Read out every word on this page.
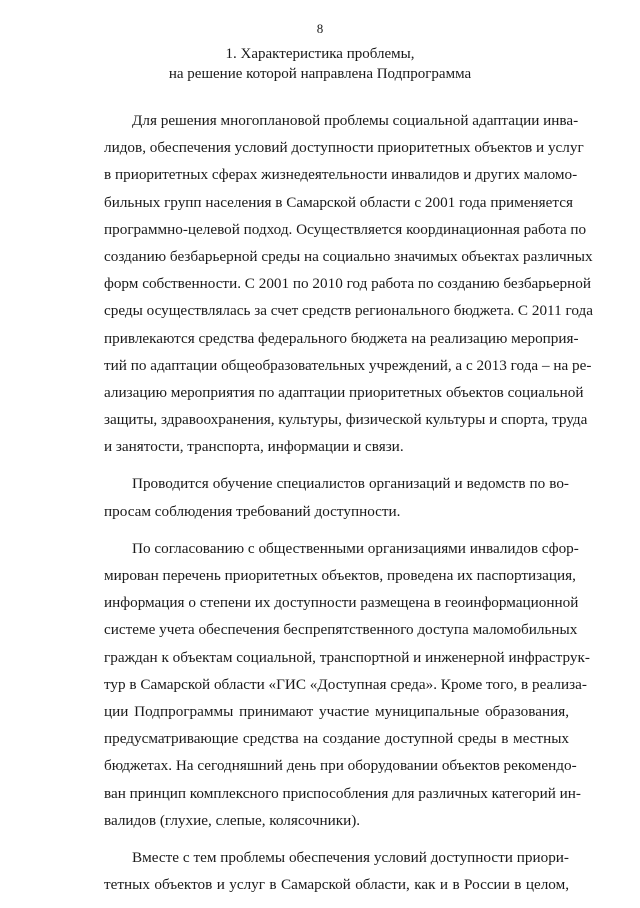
8
1. Характеристика проблемы,
на решение которой направлена Подпрограмма
Для решения многоплановой проблемы социальной адаптации инва-
лидов, обеспечения условий доступности приоритетных объектов и услуг
в приоритетных сферах жизнедеятельности инвалидов и других маломо-
бильных групп населения в Самарской области с 2001 года применяется
программно-целевой подход. Осуществляется координационная работа по
созданию безбарьерной среды на социально значимых объектах различных
форм собственности. С 2001 по 2010 год работа по созданию безбарьерной
среды осуществлялась за счет средств регионального бюджета. С 2011 года
привлекаются средства федерального бюджета на реализацию мероприя-
тий по адаптации общеобразовательных учреждений, а с 2013 года – на ре-
ализацию мероприятия по адаптации приоритетных объектов социальной
защиты, здравоохранения, культуры, физической культуры и спорта, труда
и занятости, транспорта, информации и связи.
Проводится обучение специалистов организаций и ведомств по во-
просам соблюдения требований доступности.
По согласованию с общественными организациями инвалидов сфор-
мирован перечень приоритетных объектов, проведена их паспортизация,
информация о степени их доступности размещена в геоинформационной
системе учета обеспечения беспрепятственного доступа маломобильных
граждан к объектам социальной, транспортной и инженерной инфраструк-
тур в Самарской области «ГИС «Доступная среда». Кроме того, в реализа-
ции Подпрограммы принимают участие муниципальные образования,
предусматривающие средства на создание доступной среды в местных
бюджетах. На сегодняшний день при оборудовании объектов рекомендо-
ван принцип комплексного приспособления для различных категорий ин-
валидов (глухие, слепые, колясочники).
Вместе с тем проблемы обеспечения условий доступности приори-
тетных объектов и услуг в Самарской области, как и в России в целом,
